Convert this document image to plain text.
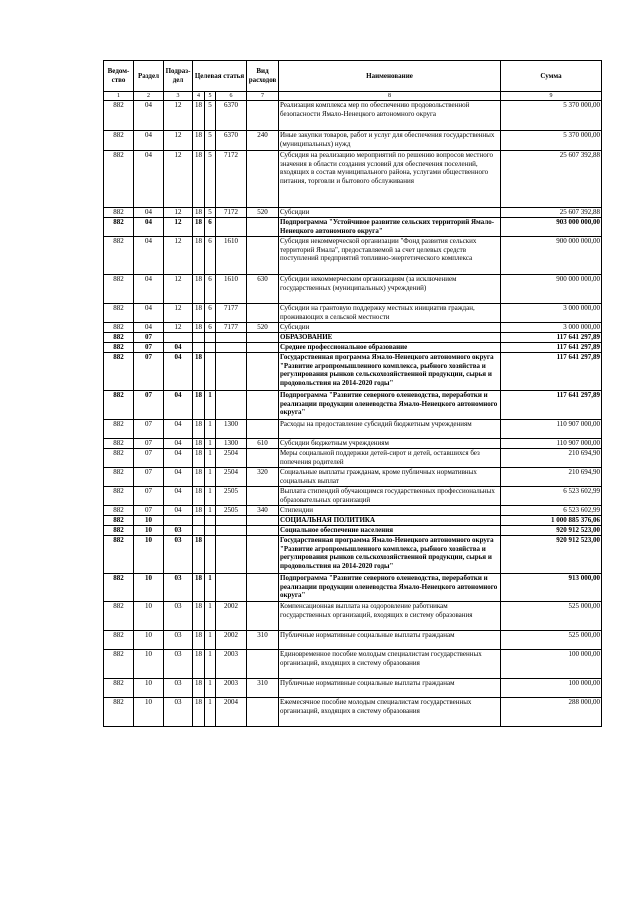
Ведом-ство	Раздел	Подраз-дел	Целевая статья			Вид расходов	Наименование	Сумма
1	2	3	4	5	6	7	8	9
882	04	12	18	5	6370		Реализация комплекса мер по обеспечению продовольственной безопасности Ямало-Ненецкого автономного округа	5 370 000,00
882	04	12	18	5	6370	240	Иные закупки товаров, работ и услуг для обеспечения государственных (муниципальных) нужд	5 370 000,00
882	04	12	18	5	7172		Субсидия на реализацию мероприятий по решению вопросов местного значения в области создания условий для обеспечения поселений, входящих в состав муниципального района, услугами общественного питания, торговли и бытового обслуживания	25 607 392,88
882	04	12	18	5	7172	520	Субсидии	25 607 392,88
882	04	12	18	6			Подпрограмма "Устойчивое развитие сельских территорий Ямало-Ненецкого автономного округа"	903 000 000,00
882	04	12	18	6	1610		Субсидия некоммерческой организации "Фонд развития сельских территорий Ямала", предоставляемой за счет целевых средств поступлений предприятий топливно-энергетического комплекса	900 000 000,00
882	04	12	18	6	1610	630	Субсидии некоммерческим организациям (за исключением государственных (муниципальных) учреждений)	900 000 000,00
882	04	12	18	6	7177		Субсидии на грантовую поддержку местных инициатив граждан, проживающих в сельской местности	3 000 000,00
882	04	12	18	6	7177	520	Субсидии	3 000 000,00
882	07						ОБРАЗОВАНИЕ	117 641 297,89
882	07	04					Среднее профессиональное образование	117 641 297,89
882	07	04	18				Государственная программа Ямало-Ненецкого автономного округа "Развитие агропромышленного комплекса, рыбного хозяйства и регулирования рынков сельскохозяйственной продукции, сырья и продовольствия на 2014-2020 годы"	117 641 297,89
882	07	04	18	1			Подпрограмма "Развитие северного оленеводства, переработки и реализации продукции оленеводства Ямало-Ненецкого автономного округа"	117 641 297,89
882	07	04	18	1	1300		Расходы на предоставление субсидий бюджетным учреждениям	110 907 000,00
882	07	04	18	1	1300	610	Субсидии бюджетным учреждениям	110 907 000,00
882	07	04	18	1	2504		Меры социальной поддержки детей-сирот и детей, оставшихся без попечения родителей	210 694,90
882	07	04	18	1	2504	320	Социальные выплаты гражданам, кроме публичных нормативных социальных выплат	210 694,90
882	07	04	18	1	2505		Выплата стипендий обучающимся государственных профессиональных образовательных организаций	6 523 602,99
882	07	04	18	1	2505	340	Стипендии	6 523 602,99
882	10						СОЦИАЛЬНАЯ ПОЛИТИКА	1 000 885 376,06
882	10	03					Социальное обеспечение населения	920 912 523,00
882	10	03	18				Государственная программа Ямало-Ненецкого автономного округа "Развитие агропромышленного комплекса, рыбного хозяйства и регулирования рынков сельскохозяйственной продукции, сырья и продовольствия на 2014-2020 годы"	920 912 523,00
882	10	03	18	1			Подпрограмма "Развитие северного оленеводства, переработки и реализации продукции оленеводства Ямало-Ненецкого автономного округа"	913 000,00
882	10	03	18	1	2002		Компенсационная выплата на оздоровление работникам государственных организаций, входящих в систему образования	525 000,00
882	10	03	18	1	2002	310	Публичные нормативные социальные выплаты гражданам	525 000,00
882	10	03	18	1	2003		Единовременное пособие молодым специалистам государственных организаций, входящих в систему образования	100 000,00
882	10	03	18	1	2003	310	Публичные нормативные социальные выплаты гражданам	100 000,00
882	10	03	18	1	2004		Ежемесячное пособие молодым специалистам государственных организаций, входящих в систему образования	288 000,00
